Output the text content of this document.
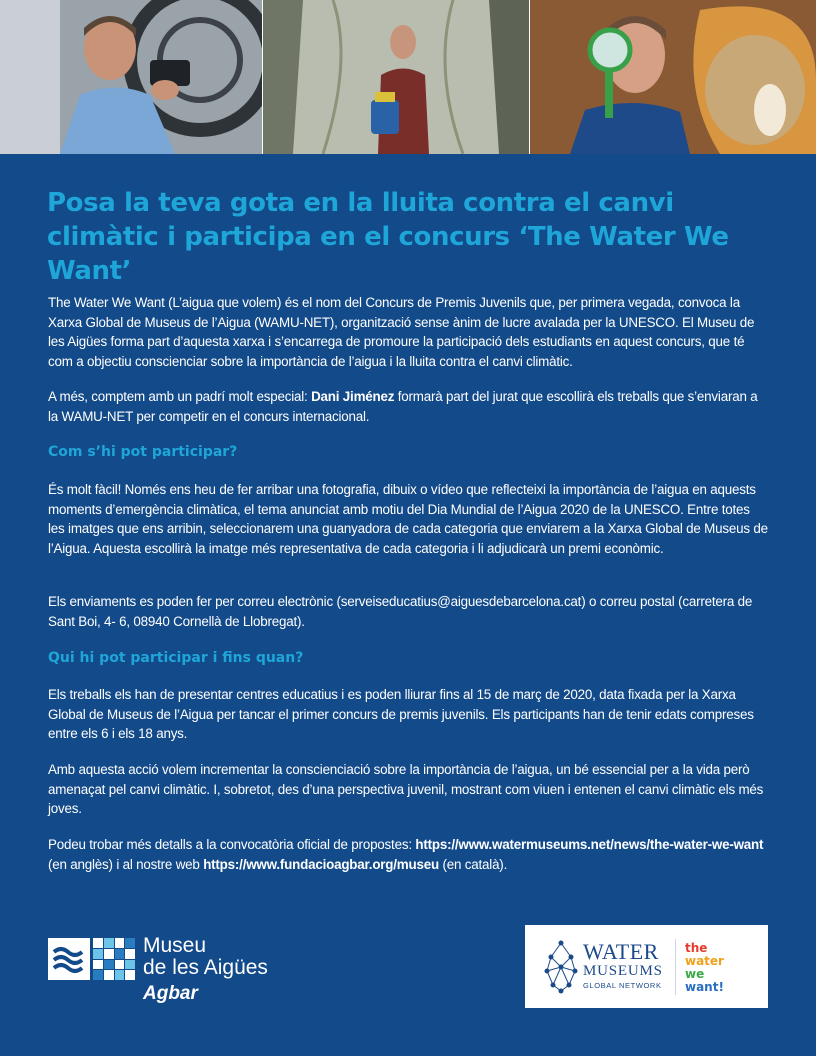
Posa la teva gota en la lluita contra el canvi climàtic i participa en el concurs ‘The Water We Want’

The Water We Want (L’aigua que volem) és el nom del Concurs de Premis Juvenils que, per primera vegada, convoca la Xarxa Global de Museus de l’Aigua (WAMU-NET), organització sense ànim de lucre avalada per la UNESCO. El Museu de les Aigües forma part d’aquesta xarxa i s’encarrega de promoure la participació dels estudiants en aquest concurs, que té com a objectiu conscienciar sobre la importància de l’aigua i la lluita contra el canvi climàtic.

A més, comptem amb un padrí molt especial: Dani Jiménez formarà part del jurat que escollirà els treballs que s’enviaran a la WAMU-NET per competir en el concurs internacional.

Com s’hi pot participar?

És molt fàcil! Només ens heu de fer arribar una fotografia, dibuix o vídeo que reflecteixi la importància de l’aigua en aquests moments d’emergència climàtica, el tema anunciat amb motiu del Dia Mundial de l’Aigua 2020 de la UNESCO. Entre totes les imatges que ens arribin, seleccionarem una guanyadora de cada categoria que enviarem a la Xarxa Global de Museus de l’Aigua. Aquesta escollirà la imatge més representativa de cada categoria i li adjudicarà un premi econòmic.

Els enviaments es poden fer per correu electrònic (serveiseducatius@aiguesdebarcelona.cat) o correu postal (carretera de Sant Boi, 4- 6, 08940 Cornellà de Llobregat).

Qui hi pot participar i fins quan?

Els treballs els han de presentar centres educatius i es poden lliurar fins al 15 de març de 2020, data fixada per la Xarxa Global de Museus de l’Aigua per tancar el primer concurs de premis juvenils. Els participants han de tenir edats compreses entre els 6 i els 18 anys.

Amb aquesta acció volem incrementar la conscienciació sobre la importància de l’aigua, un bé essencial per a la vida però amenaçat pel canvi climàtic. I, sobretot, des d’una perspectiva juvenil, mostrant com viuen i entenen el canvi climàtic els més joves.

Podeu trobar més detalls a la convocatòria oficial de propostes: https://www.watermuseums.net/news/the-water-we-want (en anglès) i al nostre web https://www.fundacioagbar.org/museu (en català).

Museu
de les Aigües
Agbar
WATER
MUSEUMS
GLOBAL NETWORK
the
water
we
want!
